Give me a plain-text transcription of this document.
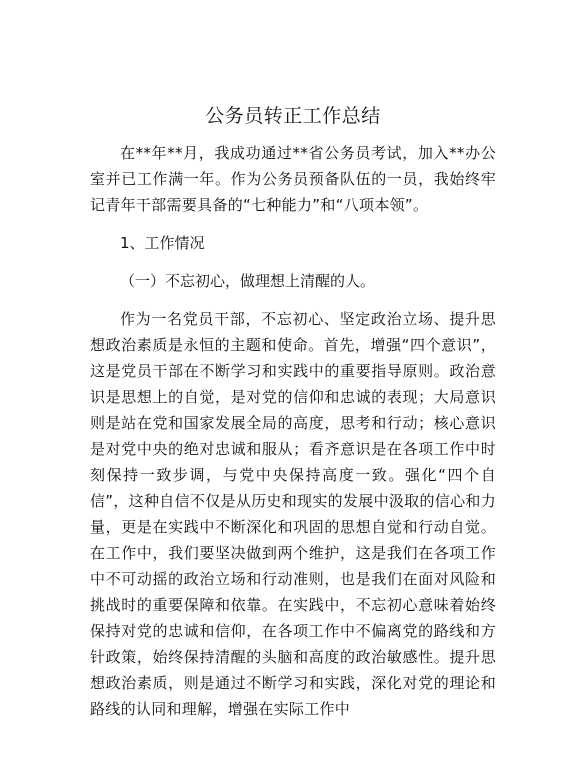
公务员转正工作总结

在**年**月，我成功通过**省公务员考试，加入**办公室并已工作满一年。作为公务员预备队伍的一员，我始终牢记青年干部需要具备的“七种能力”和“八项本领”。

1、工作情况

（一）不忘初心，做理想上清醒的人。

作为一名党员干部，不忘初心、坚定政治立场、提升思想政治素质是永恒的主题和使命。首先，增强“四个意识”，这是党员干部在不断学习和实践中的重要指导原则。政治意识是思想上的自觉，是对党的信仰和忠诚的表现；大局意识则是站在党和国家发展全局的高度，思考和行动；核心意识是对党中央的绝对忠诚和服从；看齐意识是在各项工作中时刻保持一致步调，与党中央保持高度一致。强化“四个自信”，这种自信不仅是从历史和现实的发展中汲取的信心和力量，更是在实践中不断深化和巩固的思想自觉和行动自觉。在工作中，我们要坚决做到两个维护，这是我们在各项工作中不可动摇的政治立场和行动准则，也是我们在面对风险和挑战时的重要保障和依靠。在实践中，不忘初心意味着始终保持对党的忠诚和信仰，在各项工作中不偏离党的路线和方针政策，始终保持清醒的头脑和高度的政治敏感性。提升思想政治素质，则是通过不断学习和实践，深化对党的理论和路线的认同和理解，增强在实际工作中
